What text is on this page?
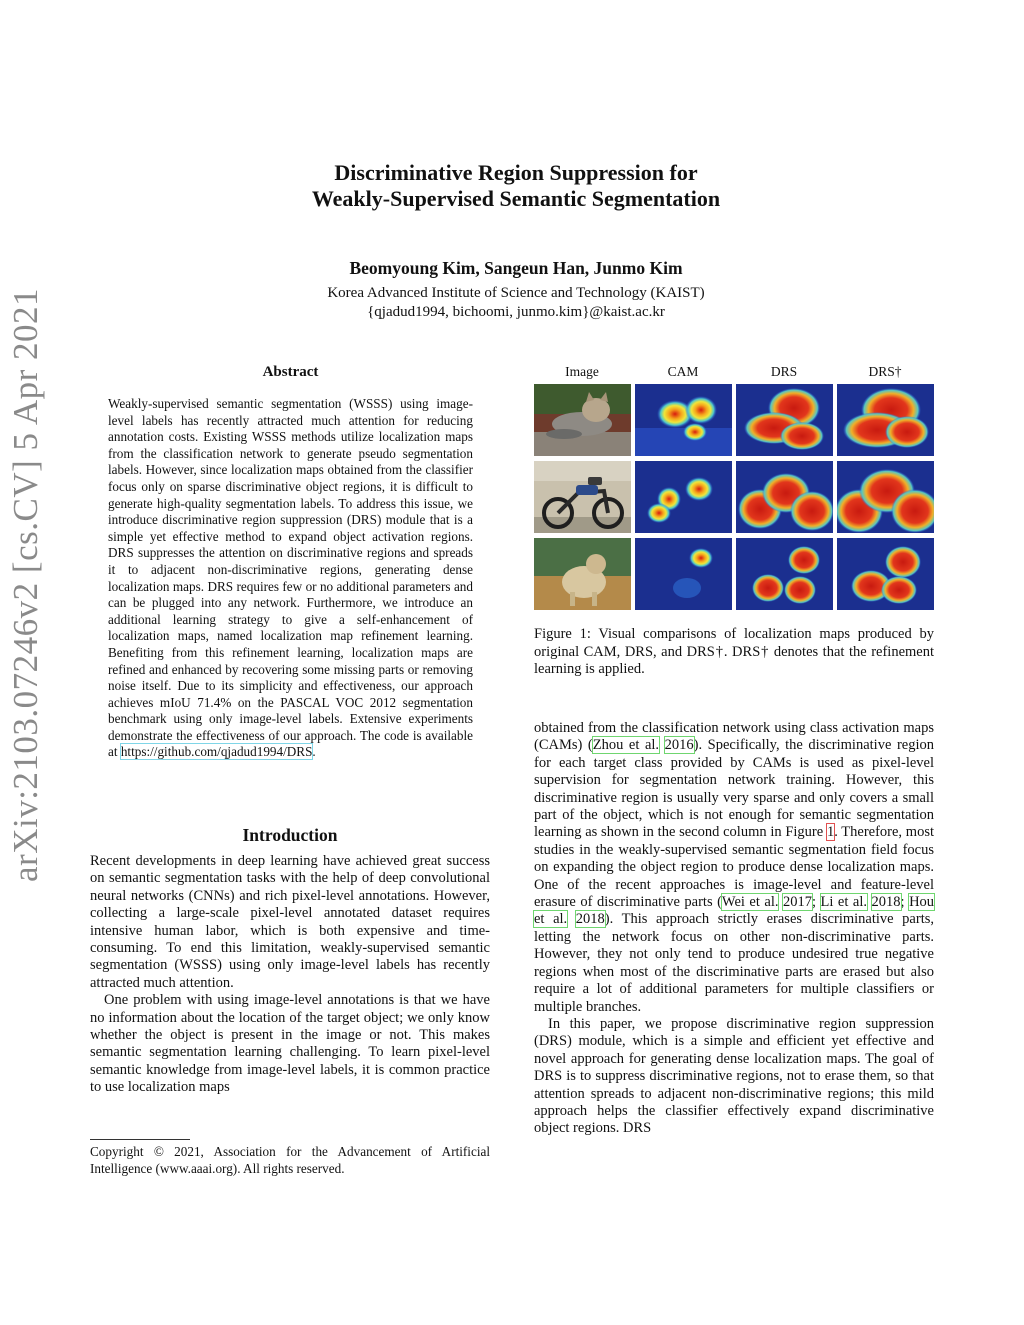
arXiv:2103.07246v2 [cs.CV] 5 Apr 2021

Discriminative Region Suppression for

Weakly-Supervised Semantic Segmentation

Beomyoung Kim, Sangeun Han, Junmo Kim

Korea Advanced Institute of Science and Technology (KAIST)

{qjadud1994, bichoomi, junmo.kim}@kaist.ac.kr

Abstract

Weakly-supervised semantic segmentation (WSSS) using image-level labels has recently attracted much attention for reducing annotation costs. Existing WSSS methods utilize localization maps from the classification network to generate pseudo segmentation labels. However, since localization maps obtained from the classifier focus only on sparse discriminative object regions, it is difficult to generate high-quality segmentation labels. To address this issue, we introduce discriminative region suppression (DRS) module that is a simple yet effective method to expand object activation regions. DRS suppresses the attention on discriminative regions and spreads it to adjacent non-discriminative regions, generating dense localization maps. DRS requires few or no additional parameters and can be plugged into any network. Furthermore, we introduce an additional learning strategy to give a self-enhancement of localization maps, named localization map refinement learning. Benefiting from this refinement learning, localization maps are refined and enhanced by recovering some missing parts or removing noise itself. Due to its simplicity and effectiveness, our approach achieves mIoU 71.4% on the PASCAL VOC 2012 segmentation benchmark using only image-level labels. Extensive experiments demonstrate the effectiveness of our approach. The code is available at https://github.com/qjadud1994/DRS.

Introduction

Recent developments in deep learning have achieved great success on semantic segmentation tasks with the help of deep convolutional neural networks (CNNs) and rich pixel-level annotations. However, collecting a large-scale pixel-level annotated dataset requires intensive human labor, which is both expensive and time-consuming. To end this limitation, weakly-supervised semantic segmentation (WSSS) using only image-level labels has recently attracted much attention.

One problem with using image-level annotations is that we have no information about the location of the target object; we only know whether the object is present in the image or not. This makes semantic segmentation learning challenging. To learn pixel-level semantic knowledge from image-level labels, it is common practice to use localization maps

Copyright © 2021, Association for the Advancement of Artificial Intelligence (www.aaai.org). All rights reserved.

Image	CAM	DRS	DRS†

Figure 1: Visual comparisons of localization maps produced by original CAM, DRS, and DRS†. DRS† denotes that the refinement learning is applied.

obtained from the classification network using class activation maps (CAMs) (Zhou et al. 2016). Specifically, the discriminative region for each target class provided by CAMs is used as pixel-level supervision for segmentation network training. However, this discriminative region is usually very sparse and only covers a small part of the object, which is not enough for semantic segmentation learning as shown in the second column in Figure 1. Therefore, most studies in the weakly-supervised semantic segmentation field focus on expanding the object region to produce dense localization maps. One of the recent approaches is image-level and feature-level erasure of discriminative parts (Wei et al. 2017; Li et al. 2018; Hou et al. 2018). This approach strictly erases discriminative parts, letting the network focus on other non-discriminative parts. However, they not only tend to produce undesired true negative regions when most of the discriminative parts are erased but also require a lot of additional parameters for multiple classifiers or multiple branches.

In this paper, we propose discriminative region suppression (DRS) module, which is a simple and efficient yet effective and novel approach for generating dense localization maps. The goal of DRS is to suppress discriminative regions, not to erase them, so that attention spreads to adjacent non-discriminative regions; this mild approach helps the classifier effectively expand discriminative object regions. DRS
